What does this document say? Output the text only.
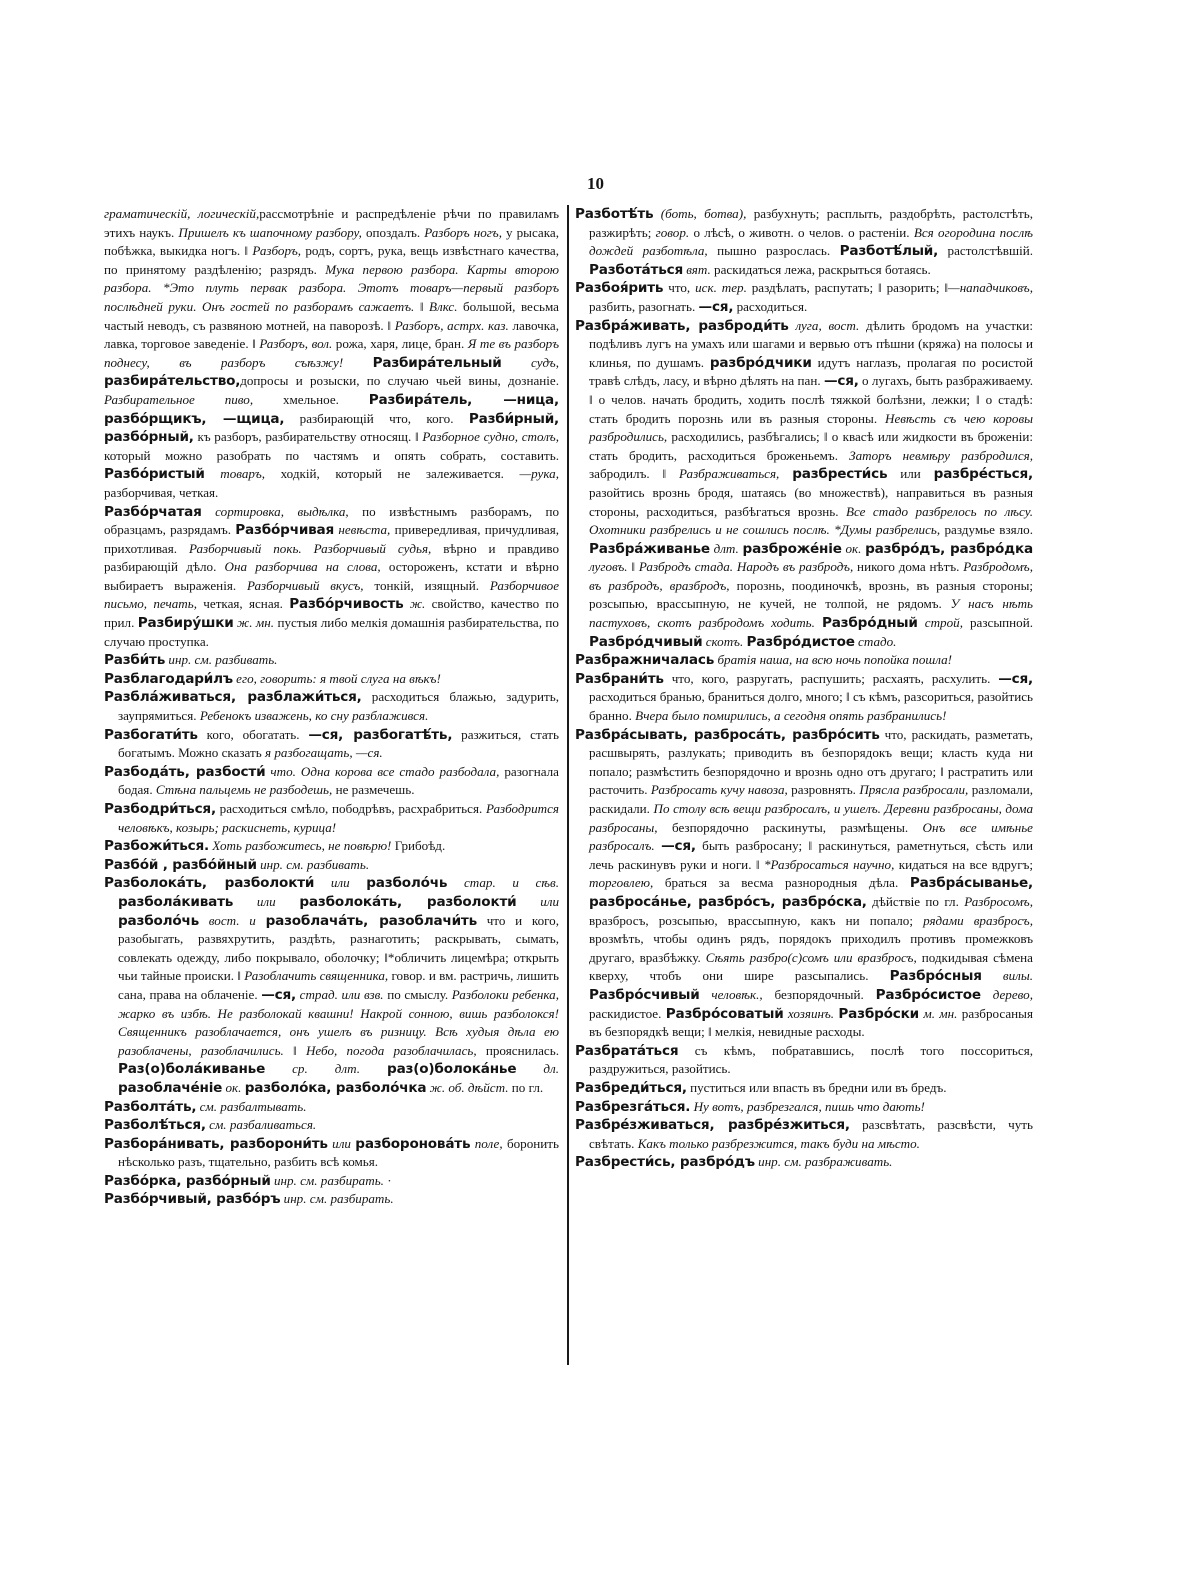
10

граматическій, логическій,рассмотрѣніе и распредѣленіе рѣчи по правиламъ этихъ наукъ. Пришелъ къ шапочному разбору, опоздалъ. Разборъ ногъ, у рысака, побѣжка, выкидка ногъ. ‖ Разборъ, родъ, сортъ, рука, вещь извѣстнаго качества, по принятому раздѣленію; разрядъ. Мука первою разбора. Карты второю разбора. *Это плуть первак разбора. Этотъ товаръ—первый разборъ послѣдней руки. Онъ гостей по разборамъ сажаетъ. ‖ Влкс. большой, весьма частый неводъ, съ развяною мотней, на паворозѣ. ‖ Разборъ, астрх. каз. лавочка, лавка, торговое заведеніе. ‖ Разборъ, вол. рожа, харя, лице, бран. Я те въ разборъ поднесу, въ разборъ съѣзжу! Разбира́тельный судъ, разбира́тельство,допросы и розыски, по случаю чьей вины, дознаніе. Разбирательное пиво, хмельное. Разбира́тель, —ница, разбо́рщикъ, —щица, разбирающій что, кого. Разби́рный, разбо́рный, къ разборъ, разбирательству относящ. ‖ Разборное судно, столъ, который можно разобрать по частямъ и опять собрать, составить. Разбо́ристый товаръ, ходкій, который не залеживается. —рука, разборчивая, четкая.

Разбо́рчатая сортировка, выдѣлка, по извѣстнымъ разборамъ, по образцамъ, разрядамъ. Разбо́рчивая невѣста, привередливая, причудливая, прихотливая. Разборчивый покь. Разборчивый судья, вѣрно и правдиво разбирающій дѣло. Она разборчива на слова, остороженъ, кстати и вѣрно выбираетъ выраженія. Разборчивый вкусъ, тонкій, изящный. Разборчивое письмо, печать, четкая, ясная. Разбо́рчивость ж. свойство, качество по прил. Разбиру́шки ж. мн. пустыя либо мелкія домашнія разбирательства, по случаю проступка.

Разби́ть инр. см. разбивать.

Разблагодари́лъ его, говорить: я твой слуга на вѣкъ!

Разбла́живаться, разблажи́ться, расходиться блажью, задурить, заупрямиться. Ребенокъ изважень, ко сну разблажився.

Разбогати́ть кого, обогатать. —ся, разбогатѣ́ть, разжиться, стать богатымъ. Можно сказать я разбогащать, —ся.

Разбода́ть, разбости́ что. Одна корова все стадо разбодала, разогнала бодая. Стѣна пальцемь не разбодешь, не размечешь.

Разбодри́ться, расходиться смѣло, пободрѣвъ, расхрабриться. Разбодрится человѣкъ, козырь; раскиснеть, курица!

Разбожи́ться. Хоть разбожитесь, не повѣрю! Грибоѣд.

Разбо́й , разбо́йный инр. см. разбивать.

Разболока́ть, разболокти́ или разболо́чь стар. и сѣв. разбола́кивать или разболока́ть, разболокти́ или разболо́чь вост. и разоблача́ть, разоблачи́ть что и кого, разобыгать, развяхрутить, раздѣть, разнаготить; раскрывать, сымать, совлекать одежду, либо покрывало, оболочку; ‖*обличить лицемѣра; открыть чьи тайные происки. ‖ Разоблачить священника, говор. и вм. растричь, лишить сана, права на облаченіе. —ся, страд. или взв. по смыслу. Разболоки ребенка, жарко въ избѣ. Не разболокай квашни! Накрой сонною, вишь разболокся! Священникъ разоблачается, онъ ушелъ въ ризницу. Всѣ худыя дѣла ею разоблачены, разоблачились. ‖ Небо, погода разоблачилась, прояснилась. Раз(о)бола́киванье ср. длт. раз(о)болока́нье дл. разоблаче́ніе ок. разболо́ка, разболо́чка ж. об. дѣйст. по гл.

Разболта́ть, см. разбалтывать.

Разболѣ́ться, см. разбаливаться.

Разбора́нивать, разборони́ть или разборонова́ть поле, боронить нѣсколько разъ, тщательно, разбить всѣ комья.

Разбо́рка, разбо́рный инр. см. разбирать. ·

Разбо́рчивый, разбо́ръ инр. см. разбирать.

Разботѣ́ть (боть, ботва), разбухнуть; расплыть, раздобрѣть, растолстѣть, разжирѣть; говор. о лѣсѣ, о животн. о челов. о растеніи. Вся огородина послѣ дождей разботѣла, пышно разрослась. Разботѣ́лый, растолстѣвшій. Разбота́ться вят. раскидаться лежа, раскрыться ботаясь.

Разбоя́рить что, иск. тер. раздѣлать, распутать; ‖ разорить; ‖—нападчиковъ, разбить, разогнать. —ся, расходиться.

Разбра́живать, разброди́ть луга, вост. дѣлить бродомъ на участки: подѣливъ лугъ на умахъ или шагами и вервью отъ пѣшни (кряжа) на полосы и клинья, по душамъ. разбро́дчики идутъ наглазъ, пролагая по росистой травѣ слѣдъ, ласу, и вѣрно дѣлять на пан. —ся, о лугахъ, быть разбраживаему. ‖ о челов. начать бродить, ходить послѣ тяжкой болѣзни, лежки; ‖ о стадѣ: стать бродить порознь или въ разныя стороны. Невѣсть съ чею коровы разбродились, расходились, разбѣгались; ‖ о квасѣ или жидкости въ броженіи: стать бродить, расходиться броженьемъ. Заторъ невмѣру разбродился, забродилъ. ‖ Разбраживаться, разбрести́сь или разбре́сться, разойтись врознь бродя, шатаясь (во множествѣ), направиться въ разныя стороны, расходиться, разбѣгаться врознь. Все стадо разбрелось по лѣсу. Охотники разбрелись и не сошлись послѣ. *Думы разбрелись, раздумье взяло. Разбра́живанье длт. разброже́ніе ок. разбро́дъ, разбро́дка луговъ. ‖ Разбродъ стада. Народъ въ разбродъ, никого дома нѣтъ. Разбродомъ, въ разбродъ, вразбродъ, порознь, поодиночкѣ, врознь, въ разныя стороны; розсыпью, врассыпную, не кучей, не толпой, не рядомъ. У насъ нѣть пастуховъ, скотъ разбродомъ ходить. Разбро́дный строй, разсыпной. Разбро́дчивый скотъ. Разбро́дистое стадо.

Разбражничалась братія наша, на всю ночь попойка пошла!

Разбрани́ть что, кого, разругать, распушить; расхаять, расхулить. —ся, расходиться бранью, браниться долго, много; ‖ съ кѣмъ, разсориться, разойтись бранно. Вчера было помирились, а сегодня опять разбранились!

Разбра́сывать, разброса́ть, разбро́сить что, раскидать, разметать, расшвырять, разлукать; приводить въ безпорядокъ вещи; класть куда ни попало; размѣстить безпорядочно и врознь одно отъ другаго; ‖ растратить или расточить. Разбросать кучу навоза, разровнять. Прясла разбросали, разломали, раскидали. По столу всѣ вещи разбросалъ, и ушелъ. Деревни разбросаны, дома разбросаны, безпорядочно раскинуты, размѣщены. Онъ все имѣнье разбросалъ. —ся, быть разбросану; ‖ раскинуться, раметнуться, сѣсть или лечь раскинувъ руки и ноги. ‖ *Разбросаться научно, кидаться на все вдругъ; торговлею, браться за весма разнородныя дѣла. Разбра́сыванье, разброса́нье, разбро́съ, разбро́ска, дѣйствіе по гл. Разбросомъ, вразбросъ, розсыпью, врассыпную, какъ ни попало; рядами вразбросъ, врозмѣть, чтобы одинъ рядъ, порядокъ приходилъ противъ промежковъ другаго, вразбѣжку. Сѣять разбро(с)сомъ или вразбросъ, подкидывая сѣмена кверху, чтобъ они шире разсыпались. Разбро́сныя вилы. Разбро́счивый человѣк., безпорядочный. Разбро́систое дерево, раскидистое. Разбро́соватый хозяинъ. Разбро́ски м. мн. разбросаныя въ безпорядкѣ вещи; ‖ мелкія, невидные расходы.

Разбрата́ться съ кѣмъ, побратавшись, послѣ того поссориться, раздружиться, разойтись.

Разбреди́ться, пуститься или впасть въ бредни или въ бредъ.

Разбрезга́ться. Ну вотъ, разбрезгался, пишь что дають!

Разбре́зживаться, разбре́зжиться, разсвѣтать, разсвѣсти, чуть свѣтать. Какъ только разбрезжится, такъ буди на мѣсто.

Разбрести́сь, разбро́дъ инр. см. разбраживать.
